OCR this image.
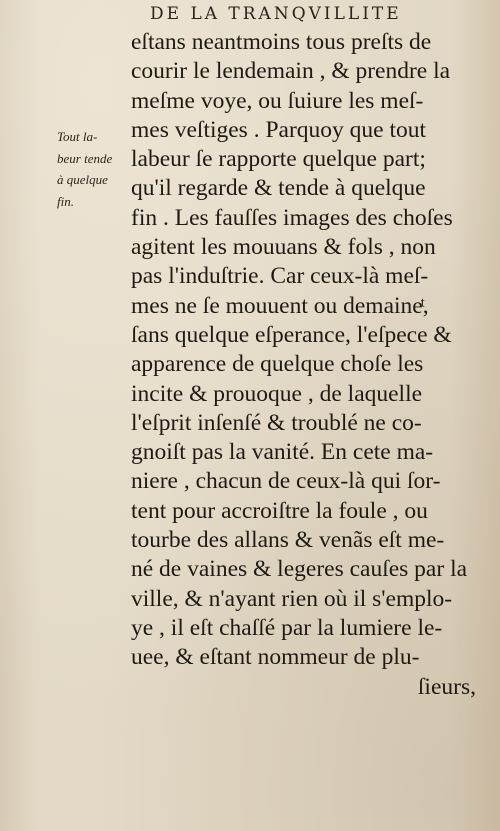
DE LA TRANQVILLITE
Tout la-
beur tende
à quelque
fin.
eſtans neantmoins tous preſts de
courir le lendemain , & prendre la
meſme voye, ou ſuiure les meſ-
mes veſtiges . Parquoy que tout
labeur ſe rapporte quelque part;
qu'il regarde & tende à quelque
fin . Les fauſſes images des choſes
agitent les mouuans & fols , non
pas l'induſtrie. Car ceux-là meſ-
mes ne ſe mouuent ou demaineͭ,
ſans quelque eſperance, l'eſpece &
apparence de quelque choſe les
incite & prouoque , de laquelle
l'eſprit inſenſé & troublé ne co-
gnoiſt pas la vanité. En cete ma-
niere , chacun de ceux-là qui ſor-
tent pour accroiſtre la foule , ou
tourbe des allans & venãs eſt me-
né de vaines & legeres cauſes par la
ville, & n'ayant rien où il s'emplo-
ye , il eſt chaſſé par la lumiere le-
uee, & eſtant nommeur de plu-
ſieurs,
